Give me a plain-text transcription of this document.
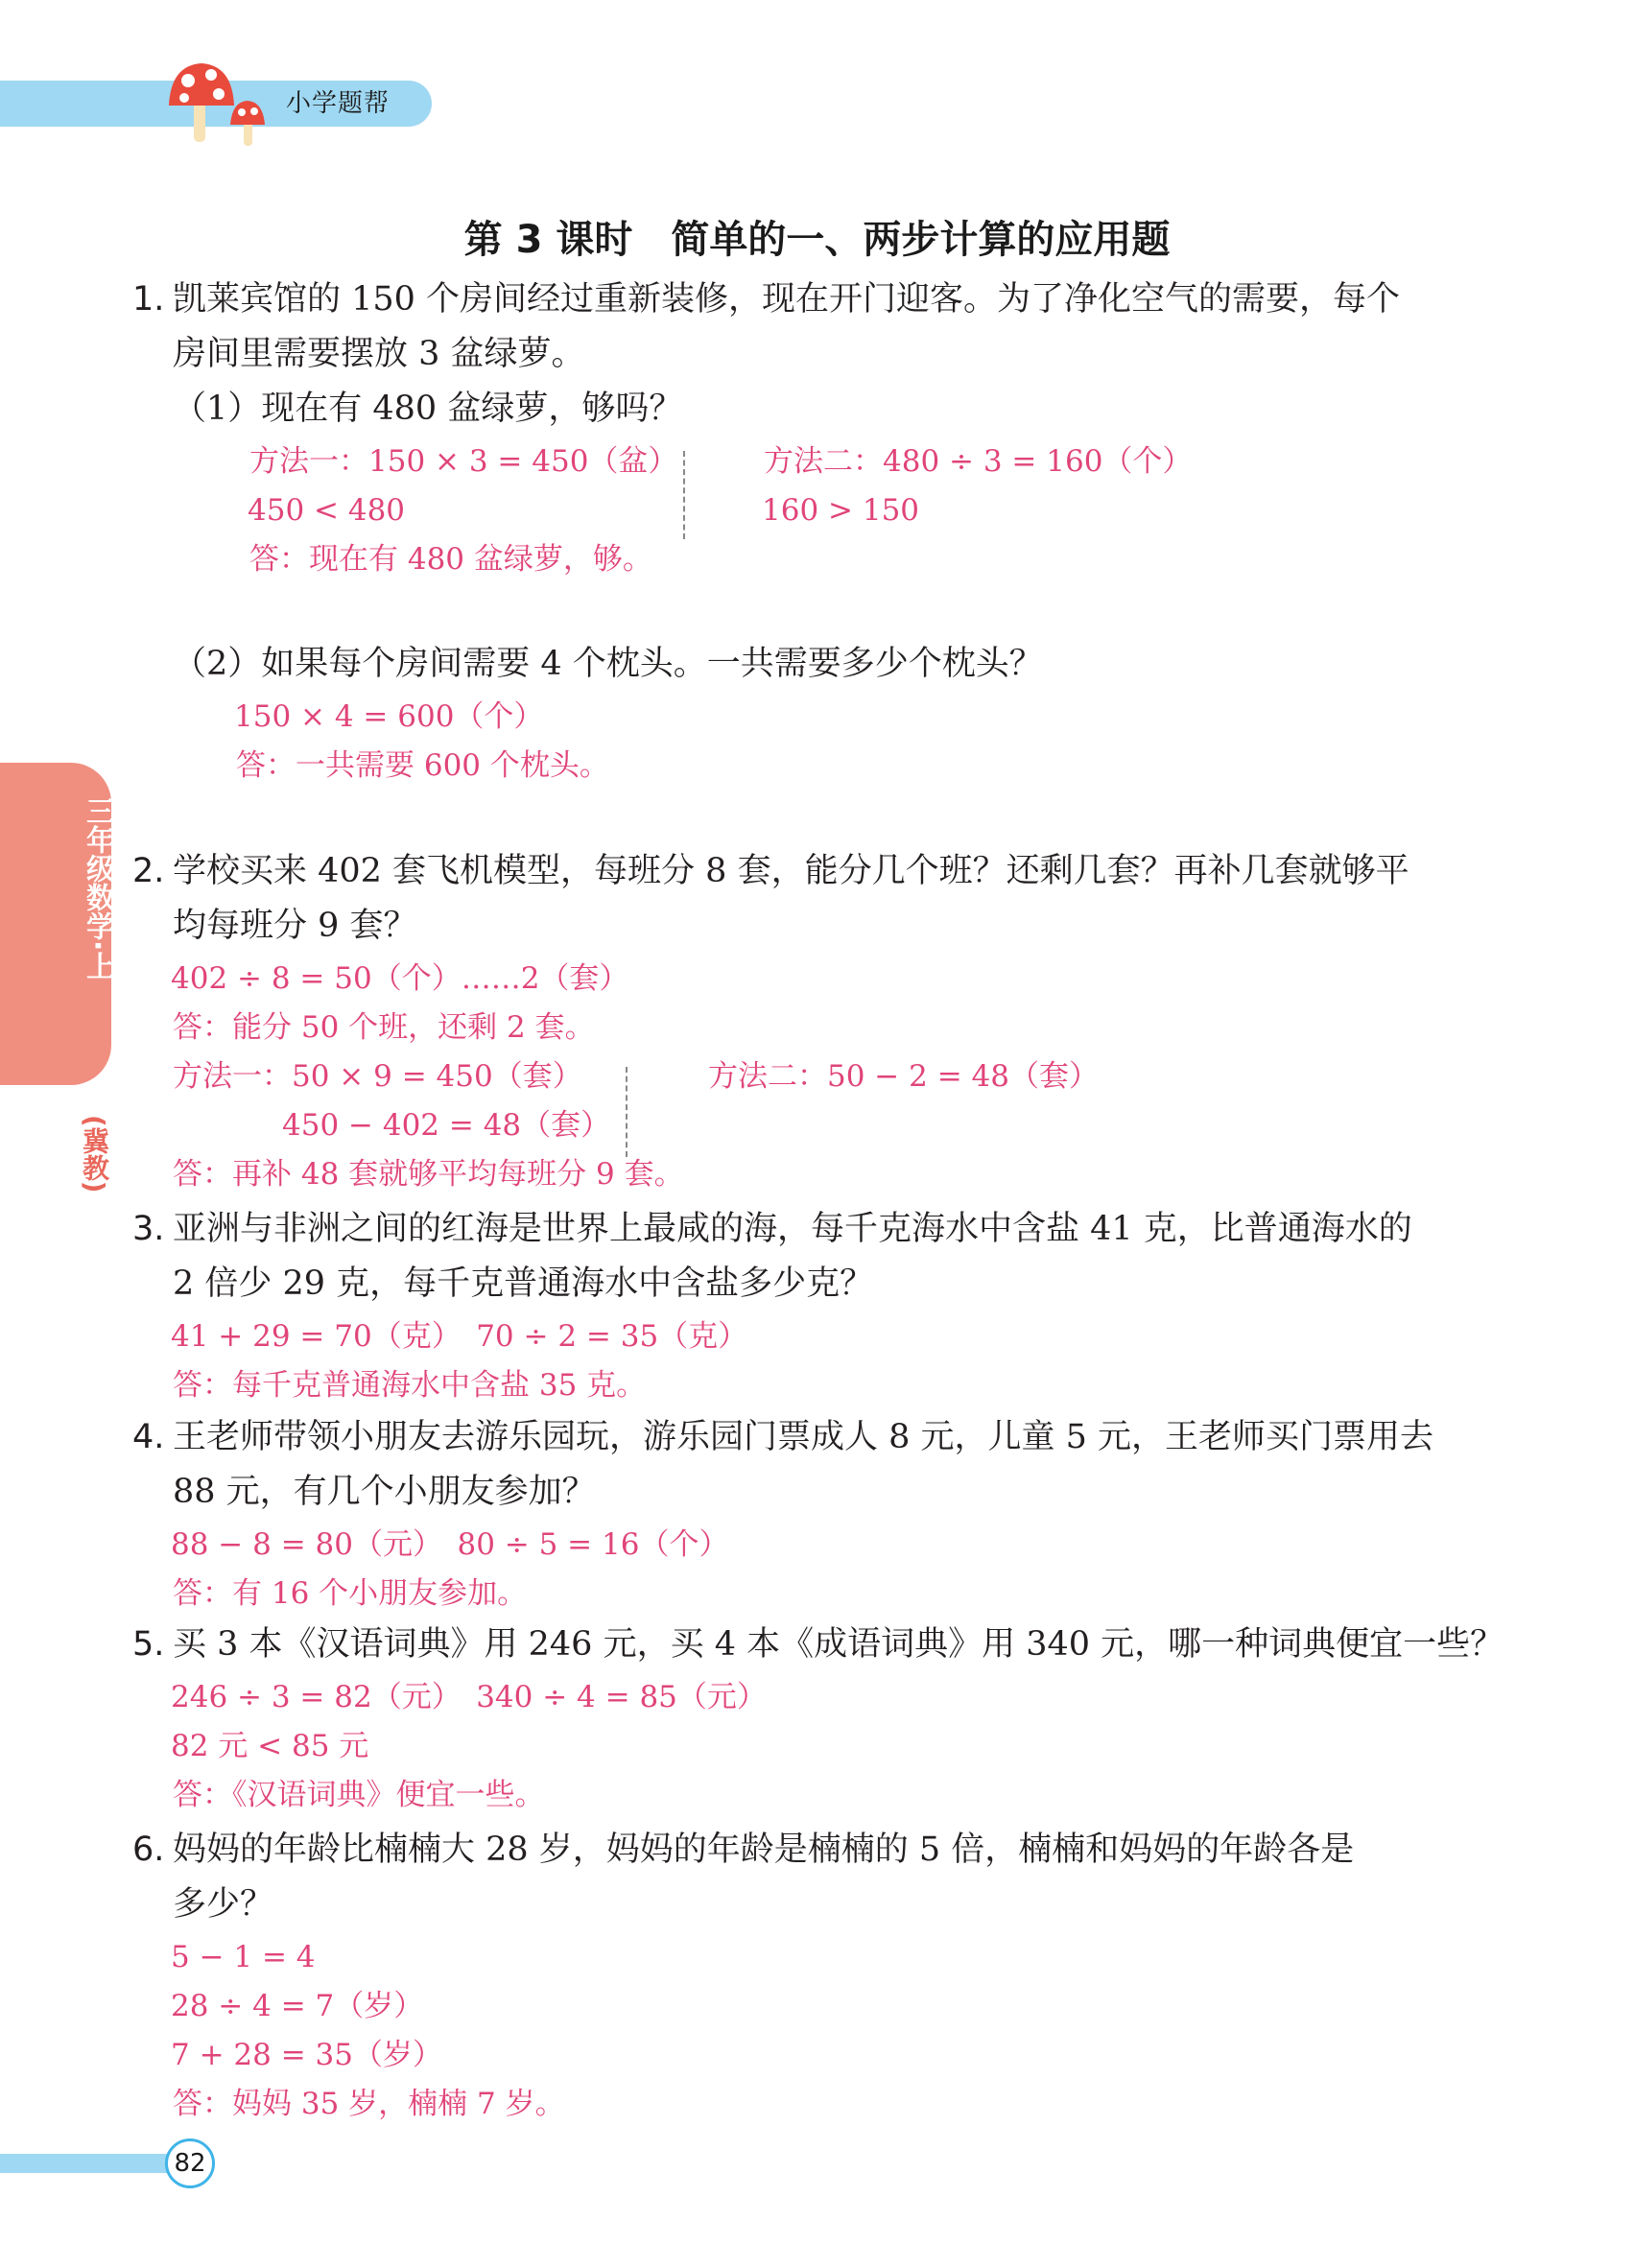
小学题帮
第 3 课时　简单的一、两步计算的应用题
三年级数学·上
(冀教)
1. 凯莱宾馆的 150 个房间经过重新装修，现在开门迎客。为了净化空气的需要，每个
房间里需要摆放 3 盆绿萝。
（1）现在有 480 盆绿萝，够吗？
方法一：150 × 3 = 450（盆）
450 < 480
答：现在有 480 盆绿萝，够。
方法二：480 ÷ 3 = 160（个）
160 > 150
（2）如果每个房间需要 4 个枕头。一共需要多少个枕头？
150 × 4 = 600（个）
答：一共需要 600 个枕头。
2. 学校买来 402 套飞机模型，每班分 8 套，能分几个班？还剩几套？再补几套就够平
均每班分 9 套？
402 ÷ 8 = 50（个）……2（套）
答：能分 50 个班，还剩 2 套。
方法一：50 × 9 = 450（套）
450 − 402 = 48（套）
方法二：50 − 2 = 48（套）
答：再补 48 套就够平均每班分 9 套。
3. 亚洲与非洲之间的红海是世界上最咸的海，每千克海水中含盐 41 克，比普通海水的
2 倍少 29 克，每千克普通海水中含盐多少克？
41 + 29 = 70（克）　70 ÷ 2 = 35（克）
答：每千克普通海水中含盐 35 克。
4. 王老师带领小朋友去游乐园玩，游乐园门票成人 8 元，儿童 5 元，王老师买门票用去
88 元，有几个小朋友参加？
88 − 8 = 80（元）　80 ÷ 5 = 16（个）
答：有 16 个小朋友参加。
5. 买 3 本《汉语词典》用 246 元，买 4 本《成语词典》用 340 元，哪一种词典便宜一些？
246 ÷ 3 = 82（元）　340 ÷ 4 = 85（元）
82 元 < 85 元
答：《汉语词典》便宜一些。
6. 妈妈的年龄比楠楠大 28 岁，妈妈的年龄是楠楠的 5 倍，楠楠和妈妈的年龄各是
多少？
5 − 1 = 4
28 ÷ 4 = 7（岁）
7 + 28 = 35（岁）
答：妈妈 35 岁，楠楠 7 岁。
82
